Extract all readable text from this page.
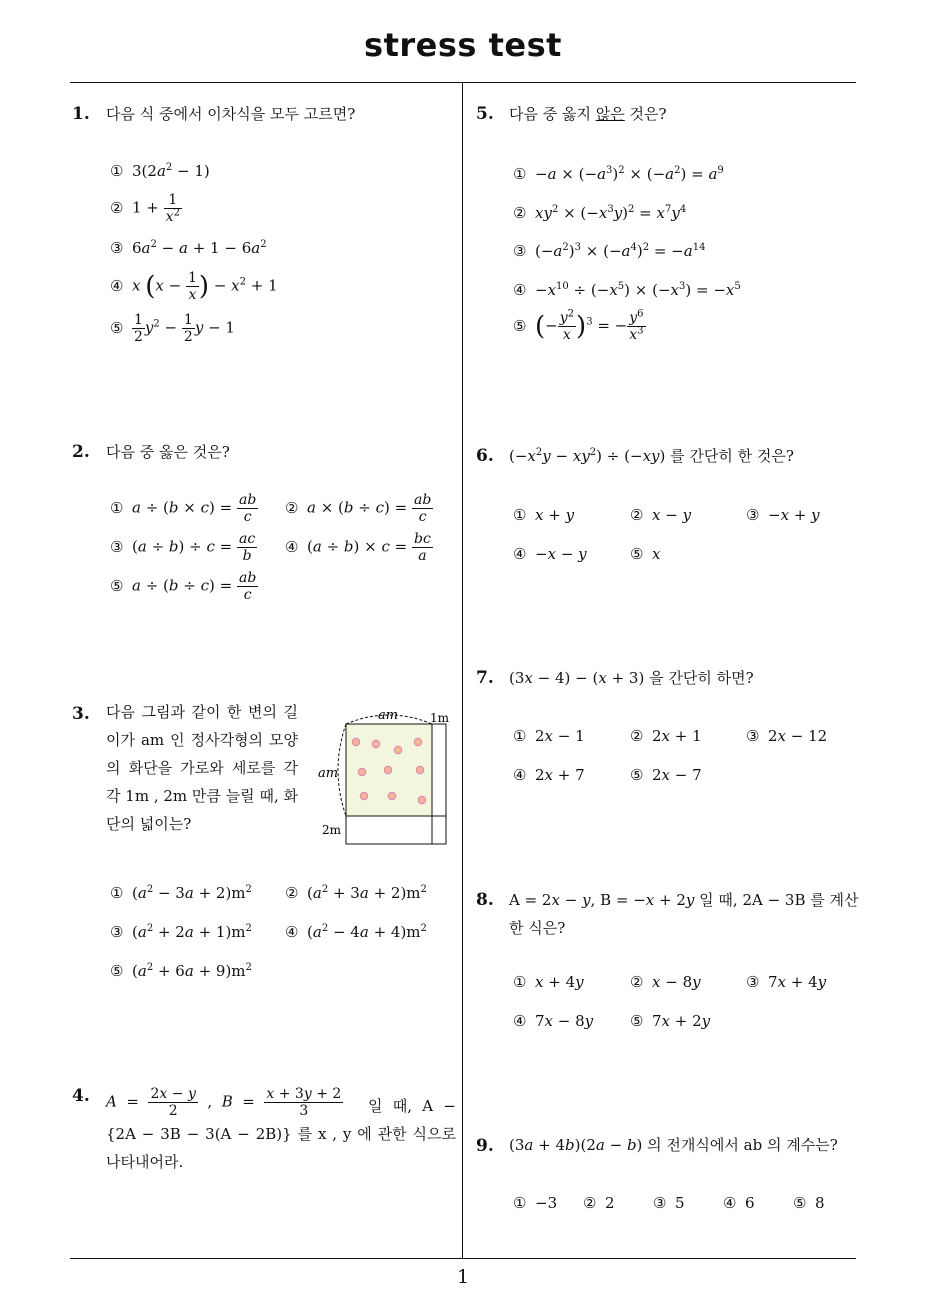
stress test
1
1. 다음 식 중에서 이차식을 모두 고르면?
① $3(2a^2 - 1)$
② $1 + \frac{1}{x^2}$
③ $6a^2 - a + 1 - 6a^2$
④ x ($x - \frac{1}{x}$ ) − $x^2 + 1$
⑤ $\frac{1}{2} y^2 - \frac{1}{2}$ y − 1
2. 다음 중 옳은 것은?
① $a \div (b \times c) = \frac{ab}{c}$ ② $a \times (b \div c) = \frac{ab}{c}$
③ $(a \div b) \div c = \frac{ac}{b}$ ④ $(a \div b) \times c = \frac{bc}{a}$
⑤ $a \div (b \div c) = \frac{ab}{c}$
3. 다음 그림과 같이 한 변의 길이가 am 인 정사각형의 모양의 화단을 가로와 세로를 각각 1m , 2m 만큼 늘릴 때, 화단의 넓이는?
am
am
1m
2m
① $(a^2 - 3a + 2)m^2$ ② $(a^2 + 3a + 2)m^2$
③ $(a^2 + 2a + 1)m^2$ ④ $(a^2 - 4a + 4)m^2$
⑤ $(a^2 + 6a + 9)m^2$
4. $A = \frac{2x - y}{2}$ ,  $B = \frac{x + 3y + 2}{3}$	일 때, A − {2A − 3B − 3(A − 2B)} 를 x , y 에 관한 식으로 나타내어라.
5. 다음 중 옳지 않은 것은?
① $-a \times (-a^3)^2 \times (-a^2) = a^9$
② $xy^2 \times (-x^3y)^2 = x^7y^4$
③ $(-a^2)^3 \times (-a^4)^2 = -a^{14}$
④ $-x^{10} \div (-x^5) \times (-x^3) = -x^5$
⑤ (− $\frac{y^2}{x} )^3$ = − $\frac{y^6}{x^3}$
6. $(-x^2y - xy^2) \div (-xy)$ 를 간단히 한 것은?
① x + y	② x − y	③ −x + y
④ −x − y	⑤ x
7. (3x − 4) − (x + 3) 을 간단히 하면?
① 2x − 1	② 2x + 1	③ 2x − 12
④ 2x + 7	⑤ 2x − 7
8. A = 2x − y, B = −x + 2y 일 때, 2A − 3B 를 계산한 식은?
① x + 4y	② x − 8y	③ 7x + 4y
④ 7x − 8y ⑤ 7x + 2y
9. (3a + 4b)(2a − b) 의 전개식에서 ab 의 계수는?
① −3 ② 2	③ 5	④ 6	⑤ 8
